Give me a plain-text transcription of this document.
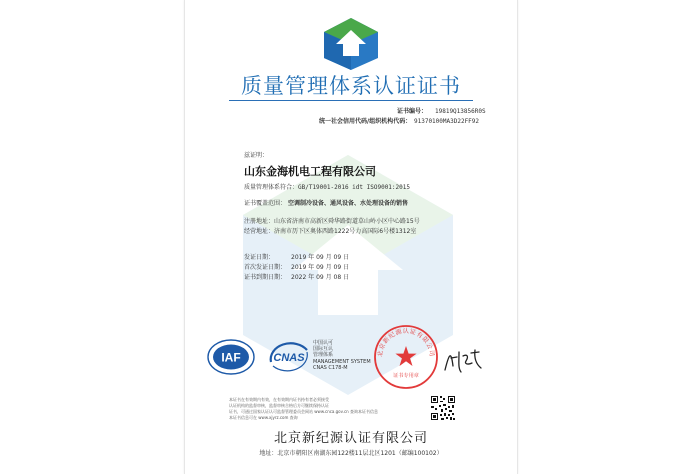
质量管理体系认证证书
证书编号： 19819Q13856R0S
统一社会信用代码/组织机构代码： 91370100MA3D22FF92
兹证明：
山东金海机电工程有限公司
质量管理体系符合： GB/T19001-2016 idt ISO9001:2015
证书覆盖范围： 空调制冷设备、通风设备、水处理设备的销售
注册地址： 山东省济南市高新区舜华路街道草山岭小区中心路15号
经营地址： 济南市历下区奥体西路1222号力高国际6号楼1312室
发证日期：	2019 年 09 月 09 日
首次发证日期： 2019 年 09 月 09 日
证书到期日期： 2022 年 09 月 08 日
IAF	CNAS
中国认可
国际互认
管理体系
MANAGEMENT SYSTEM
CNAS C178-M
北京新纪源认证有限公司
证书专用章
本证书在有效期内有效，在有效期内证书持有者必须接受
认证机构的监督审核，监督审核合格后方可继续保持认证
证书，可通过国家认证认可监督管理委员会网站 www.cnca.gov.cn 查询本证书信息
本证书信息可在 www.xjyrz.com 查询
北京新纪源认证有限公司
地址：北京市朝阳区南湖东园122楼11层北区1201（邮编100102）
